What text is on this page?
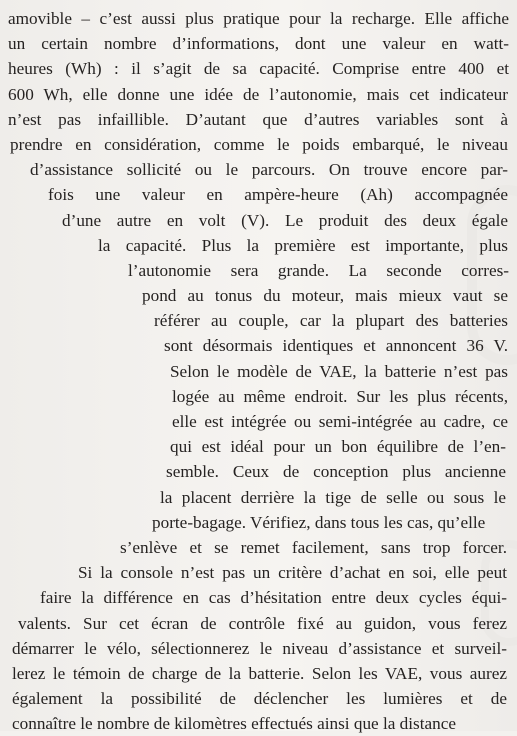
amovible – c’est aussi plus pratique pour la recharge. Elle affiche
un certain nombre d’informations, dont une valeur en watt-
heures (Wh) : il s’agit de sa capacité. Comprise entre 400 et
600 Wh, elle donne une idée de l’autonomie, mais cet indicateur
n’est pas infaillible. D’autant que d’autres variables sont à
prendre en considération, comme le poids embarqué, le niveau
d’assistance sollicité ou le parcours. On trouve encore par-
fois une valeur en ampère-heure (Ah) accompagnée
d’une autre en volt (V). Le produit des deux égale
la capacité. Plus la première est importante, plus
l’autonomie sera grande. La seconde corres-
pond au tonus du moteur, mais mieux vaut se
référer au couple, car la plupart des batteries
sont désormais identiques et annoncent 36 V.
Selon le modèle de VAE, la batterie n’est pas
logée au même endroit. Sur les plus récents,
elle est intégrée ou semi-intégrée au cadre, ce
qui est idéal pour un bon équilibre de l’en-
semble. Ceux de conception plus ancienne
la placent derrière la tige de selle ou sous le
porte-bagage. Vérifiez, dans tous les cas, qu’elle
s’enlève et se remet facilement, sans trop forcer.
Si la console n’est pas un critère d’achat en soi, elle peut
faire la différence en cas d’hésitation entre deux cycles équi-
valents. Sur cet écran de contrôle fixé au guidon, vous ferez
démarrer le vélo, sélectionnerez le niveau d’assistance et surveil-
lerez le témoin de charge de la batterie. Selon les VAE, vous aurez
également la possibilité de déclencher les lumières et de
connaître le nombre de kilomètres effectués ainsi que la distance
